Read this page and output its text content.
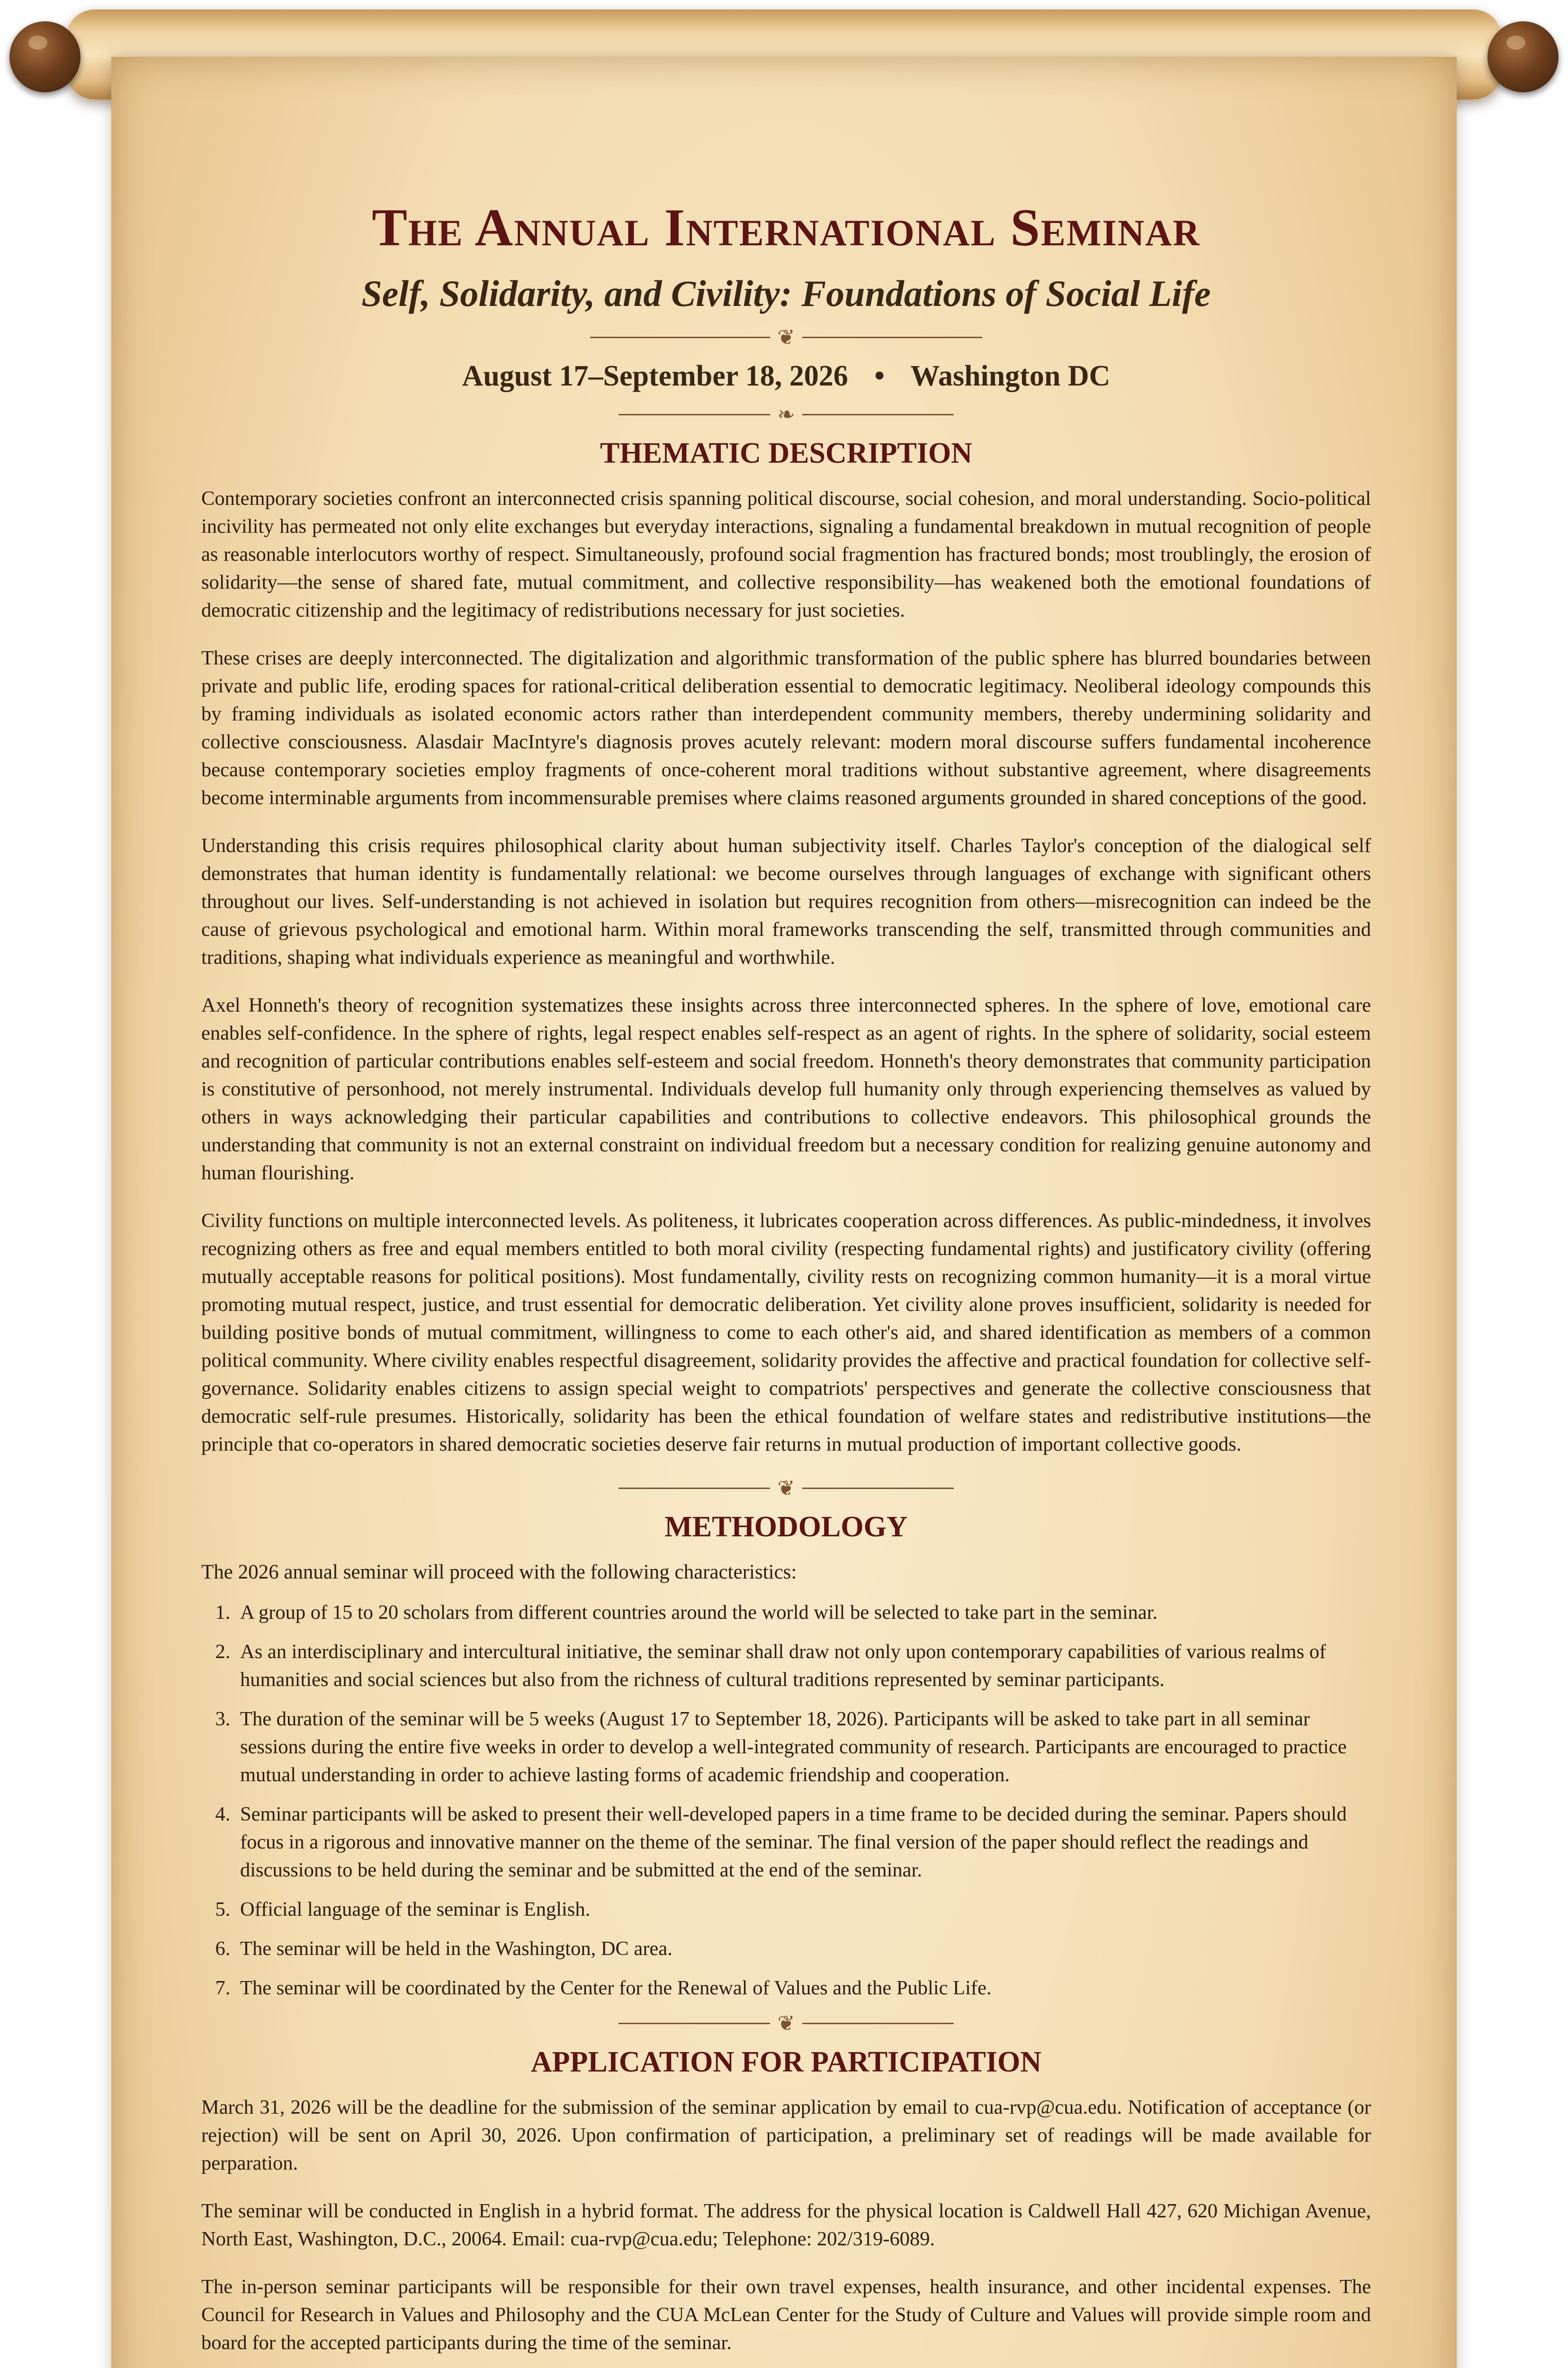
The Annual International Seminar
Self, Solidarity, and Civility: Foundations of Social Life
❦
August 17–September 18, 2026 • Washington DC
❧
THEMATIC DESCRIPTION

Contemporary societies confront an interconnected crisis spanning political discourse, social cohesion, and moral understanding. Socio-political incivility has permeated not only elite exchanges but everyday interactions, signaling a fundamental breakdown in mutual recognition of people as reasonable interlocutors worthy of respect. Simultaneously, profound social fragmention has fractured bonds; most troublingly, the erosion of solidarity—the sense of shared fate, mutual commitment, and collective responsibility—has weakened both the emotional foundations of democratic citizenship and the legitimacy of redistributions necessary for just societies.

These crises are deeply interconnected. The digitalization and algorithmic transformation of the public sphere has blurred boundaries between private and public life, eroding spaces for rational-critical deliberation essential to democratic legitimacy. Neoliberal ideology compounds this by framing individuals as isolated economic actors rather than interdependent community members, thereby undermining solidarity and collective consciousness. Alasdair MacIntyre's diagnosis proves acutely relevant: modern moral discourse suffers fundamental incoherence because contemporary societies employ fragments of once-coherent moral traditions without substantive agreement, where disagreements become interminable arguments from incommensurable premises where claims reasoned arguments grounded in shared conceptions of the good.

Understanding this crisis requires philosophical clarity about human subjectivity itself. Charles Taylor's conception of the dialogical self demonstrates that human identity is fundamentally relational: we become ourselves through languages of exchange with significant others throughout our lives. Self-understanding is not achieved in isolation but requires recognition from others—misrecognition can indeed be the cause of grievous psychological and emotional harm. Within moral frameworks transcending the self, transmitted through communities and traditions, shaping what individuals experience as meaningful and worthwhile.

Axel Honneth's theory of recognition systematizes these insights across three interconnected spheres. In the sphere of love, emotional care enables self-confidence. In the sphere of rights, legal respect enables self-respect as an agent of rights. In the sphere of solidarity, social esteem and recognition of particular contributions enables self-esteem and social freedom. Honneth's theory demonstrates that community participation is constitutive of personhood, not merely instrumental. Individuals develop full humanity only through experiencing themselves as valued by others in ways acknowledging their particular capabilities and contributions to collective endeavors. This philosophical grounds the understanding that community is not an external constraint on individual freedom but a necessary condition for realizing genuine autonomy and human flourishing.

Civility functions on multiple interconnected levels. As politeness, it lubricates cooperation across differences. As public-mindedness, it involves recognizing others as free and equal members entitled to both moral civility (respecting fundamental rights) and justificatory civility (offering mutually acceptable reasons for political positions). Most fundamentally, civility rests on recognizing common humanity—it is a moral virtue promoting mutual respect, justice, and trust essential for democratic deliberation. Yet civility alone proves insufficient, solidarity is needed for building positive bonds of mutual commitment, willingness to come to each other's aid, and shared identification as members of a common political community. Where civility enables respectful disagreement, solidarity provides the affective and practical foundation for collective self-governance. Solidarity enables citizens to assign special weight to compatriots' perspectives and generate the collective consciousness that democratic self-rule presumes. Historically, solidarity has been the ethical foundation of welfare states and redistributive institutions—the principle that co-operators in shared democratic societies deserve fair returns in mutual production of important collective goods.

❦
METHODOLOGY

The 2026 annual seminar will proceed with the following characteristics:

1. A group of 15 to 20 scholars from different countries around the world will be selected to take part in the seminar.
2. As an interdisciplinary and intercultural initiative, the seminar shall draw not only upon contemporary capabilities of various realms of humanities and social sciences but also from the richness of cultural traditions represented by seminar participants.
3. The duration of the seminar will be 5 weeks (August 17 to September 18, 2026). Participants will be asked to take part in all seminar sessions during the entire five weeks in order to develop a well-integrated community of research. Participants are encouraged to practice mutual understanding in order to achieve lasting forms of academic friendship and cooperation.
4. Seminar participants will be asked to present their well-developed papers in a time frame to be decided during the seminar. Papers should focus in a rigorous and innovative manner on the theme of the seminar. The final version of the paper should reflect the readings and discussions to be held during the seminar and be submitted at the end of the seminar.
5. Official language of the seminar is English.
6. The seminar will be held in the Washington, DC area.
7. The seminar will be coordinated by the Center for the Renewal of Values and the Public Life.
❦
APPLICATION FOR PARTICIPATION

March 31, 2026 will be the deadline for the submission of the seminar application by email to cua-rvp@cua.edu. Notification of acceptance (or rejection) will be sent on April 30, 2026. Upon confirmation of participation, a preliminary set of readings will be made available for perparation.

The seminar will be conducted in English in a hybrid format. The address for the physical location is Caldwell Hall 427, 620 Michigan Avenue, North East, Washington, D.C., 20064. Email: cua-rvp@cua.edu; Telephone: 202/319-6089.

The in-person seminar participants will be responsible for their own travel expenses, health insurance, and other incidental expenses. The Council for Research in Values and Philosophy and the CUA McLean Center for the Study of Culture and Values will provide simple room and board for the accepted participants during the time of the seminar.
